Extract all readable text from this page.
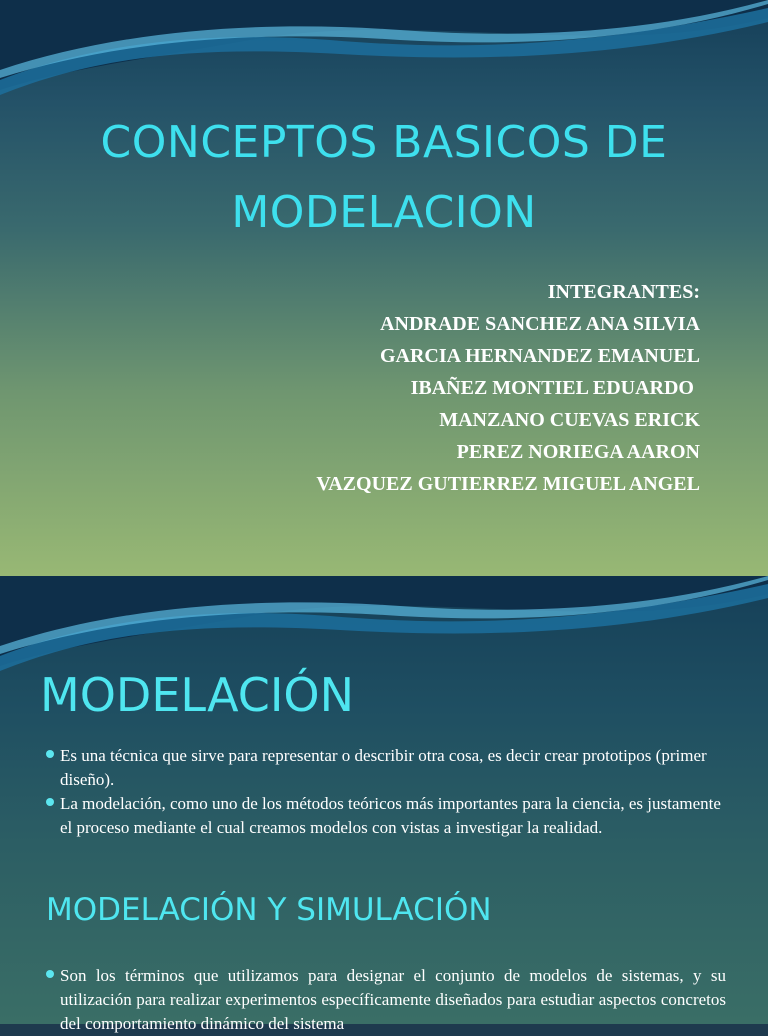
CONCEPTOS BASICOS DE
MODELACION
INTEGRANTES:
ANDRADE SANCHEZ ANA SILVIA
GARCIA HERNANDEZ EMANUEL
IBAÑEZ MONTIEL EDUARDO
MANZANO CUEVAS ERICK
PEREZ NORIEGA AARON
VAZQUEZ GUTIERREZ MIGUEL ANGEL
MODELACIÓN
Es una técnica que sirve para representar o describir otra cosa, es decir crear prototipos (primer diseño).
La modelación, como uno de los métodos teóricos más importantes para la ciencia, es justamente el proceso mediante el cual creamos modelos con vistas a investigar la realidad.
MODELACIÓN Y SIMULACIÓN
Son los términos que utilizamos para designar el conjunto de modelos de sistemas, y su utilización para realizar experimentos específicamente diseñados para estudiar aspectos concretos del comportamiento dinámico del sistema
